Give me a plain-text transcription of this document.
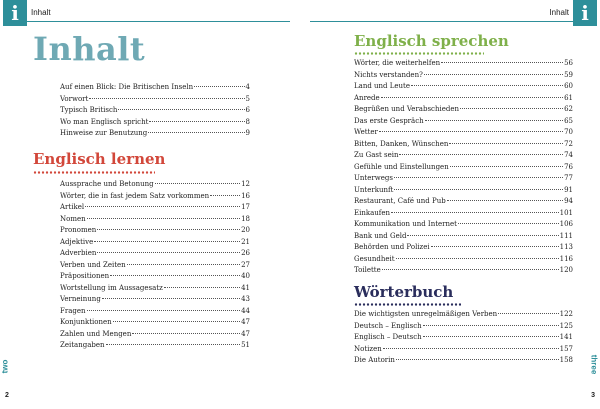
i	Inhalt
Inhalt
Auf einen Blick: Die Britischen Inseln	4
Vorwort	5
Typisch Britisch	6
Wo man Englisch spricht	8
Hinweise zur Benutzung	9
Englisch lernen
Aussprache und Betonung	12
Wörter, die in fast jedem Satz vorkommen	16
Artikel	17
Nomen	18
Pronomen	20
Adjektive	21
Adverbien	26
Verben und Zeiten	27
Präpositionen	40
Wortstellung im Aussagesatz	41
Verneinung	43
Fragen	44
Konjunktionen	47
Zahlen und Mengen	47
Zeitangaben	51
two
2
i
Inhalt
Englisch sprechen
Wörter, die weiterhelfen	56
Nichts verstanden?	59
Land und Leute	60
Anrede	61
Begrüßen und Verabschieden	62
Das erste Gespräch	65
Wetter	70
Bitten, Danken, Wünschen	72
Zu Gast sein	74
Gefühle und Einstellungen	76
Unterwegs	77
Unterkunft	91
Restaurant, Café und Pub	94
Einkaufen	101
Kommunikation und Internet	106
Bank und Geld	111
Behörden und Polizei	113
Gesundheit	116
Toilette	120
Wörterbuch
Die wichtigsten unregelmäßigen Verben	122
Deutsch – Englisch	125
Englisch – Deutsch	141
Notizen	157
Die Autorin	158 three
3
